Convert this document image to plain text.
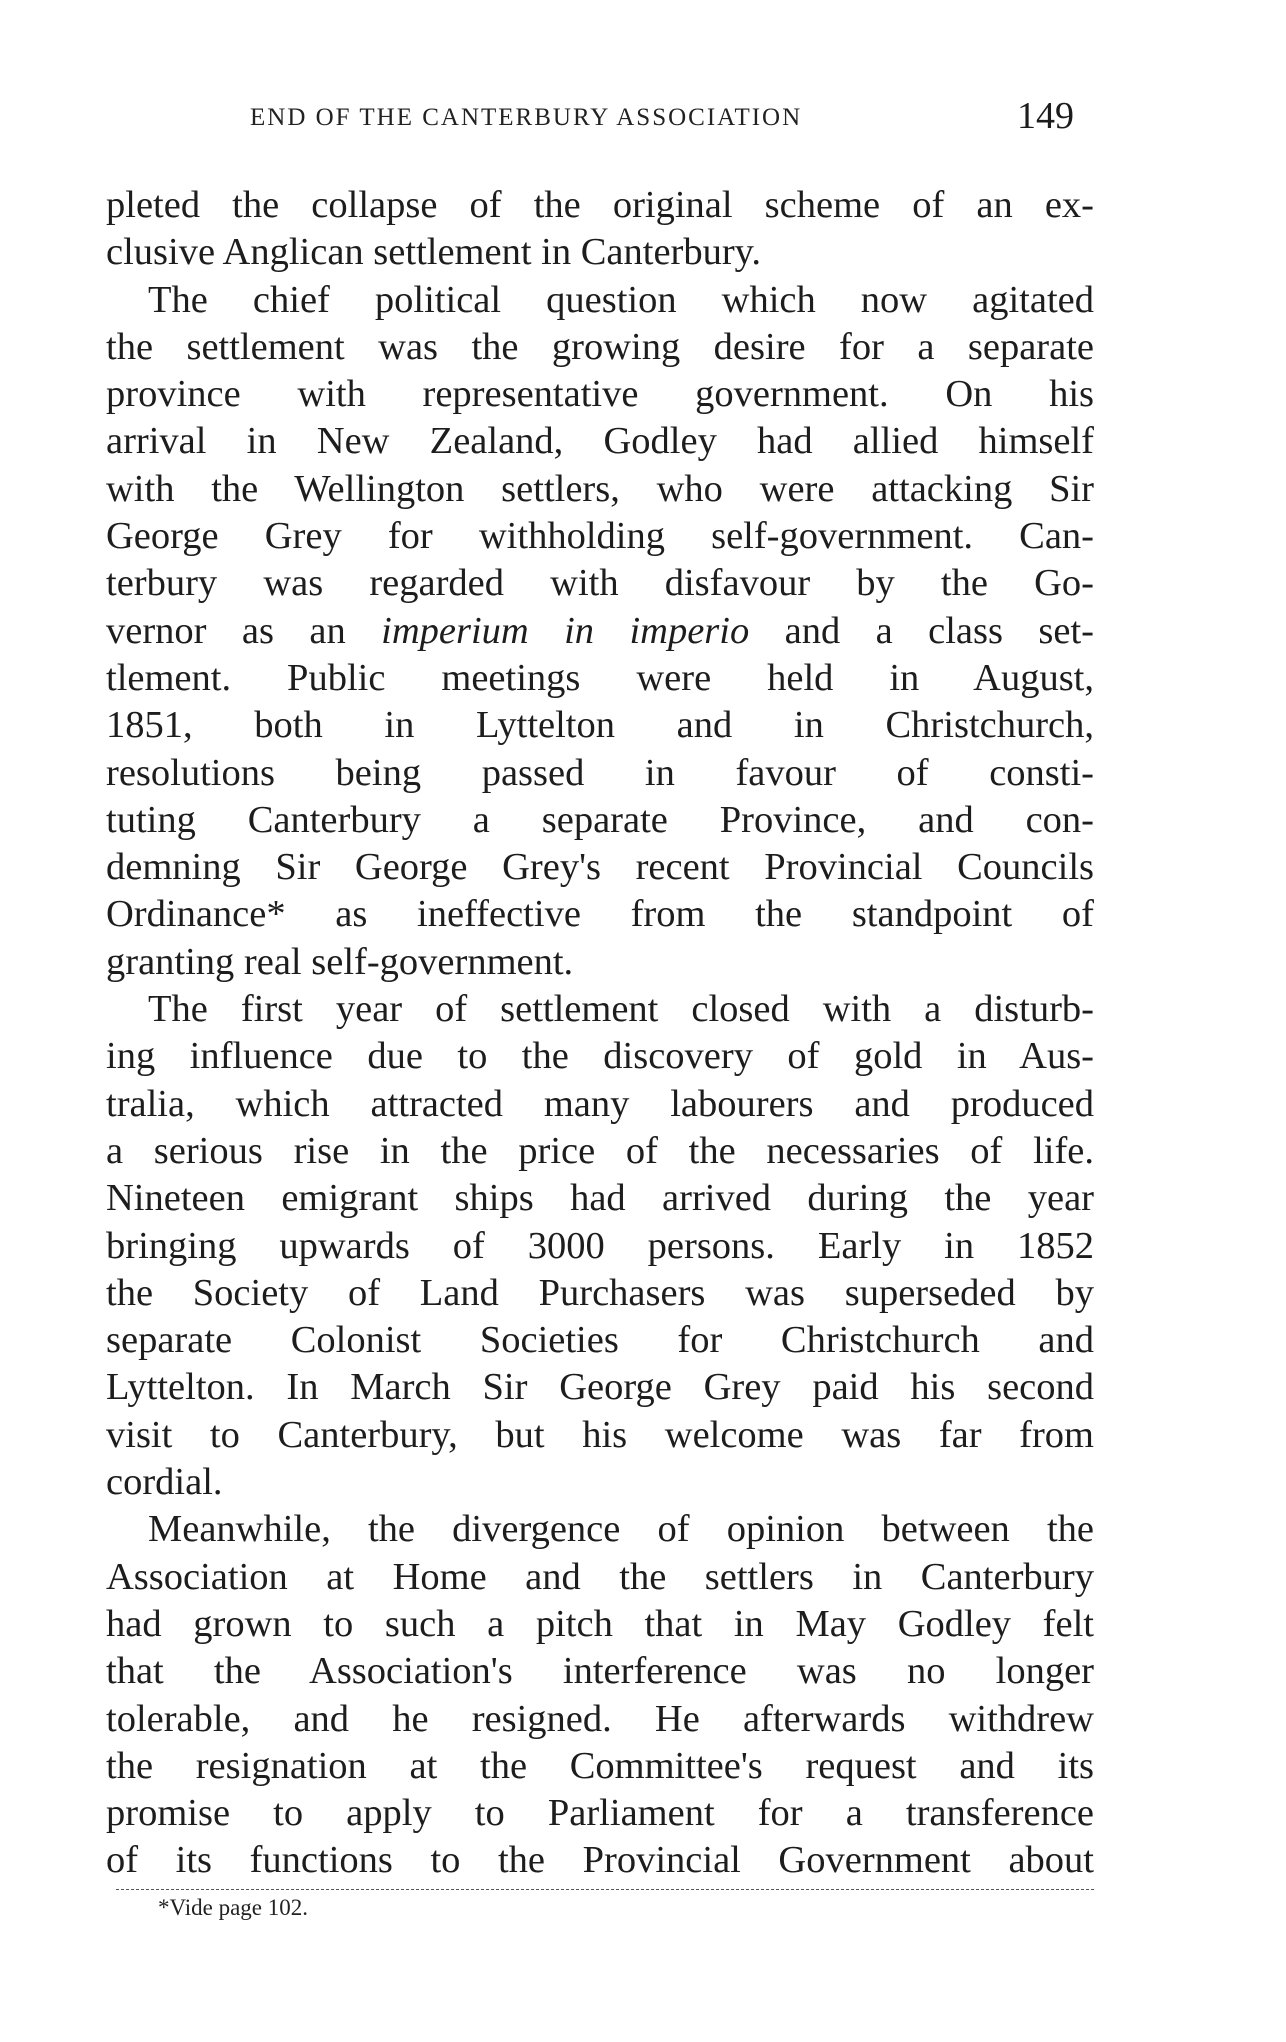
END OF THE CANTERBURY ASSOCIATION	149
pleted the collapse of the original scheme of an ex-
clusive Anglican settlement in Canterbury.
The chief political question which now agitated
the settlement was the growing desire for a separate
province with representative government. On his
arrival in New Zealand, Godley had allied himself
with the Wellington settlers, who were attacking Sir
George Grey for withholding self-government. Can-
terbury was regarded with disfavour by the Go-
vernor as an imperium in imperio and a class set-
tlement. Public meetings were held in August,
1851, both in Lyttelton and in Christchurch,
resolutions being passed in favour of consti-
tuting Canterbury a separate Province, and con-
demning Sir George Grey's recent Provincial Councils
Ordinance* as ineffective from the standpoint of
granting real self-government.
The first year of settlement closed with a disturb-
ing influence due to the discovery of gold in Aus-
tralia, which attracted many labourers and produced
a serious rise in the price of the necessaries of life.
Nineteen emigrant ships had arrived during the year
bringing upwards of 3000 persons. Early in 1852
the Society of Land Purchasers was superseded by
separate Colonist Societies for Christchurch and
Lyttelton. In March Sir George Grey paid his second
visit to Canterbury, but his welcome was far from
cordial.
Meanwhile, the divergence of opinion between the
Association at Home and the settlers in Canterbury
had grown to such a pitch that in May Godley felt
that the Association's interference was no longer
tolerable, and he resigned. He afterwards withdrew
the resignation at the Committee's request and its
promise to apply to Parliament for a transference
of its functions to the Provincial Government about
*Vide page 102.
